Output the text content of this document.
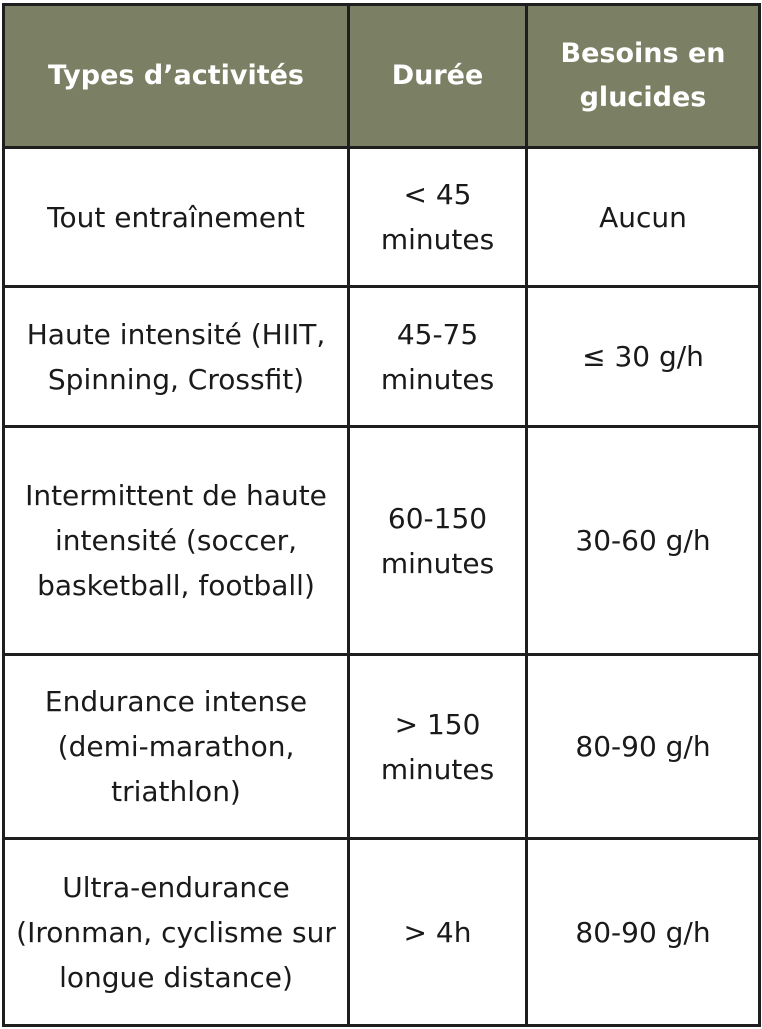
Types d’activités	Durée	Besoins en glucides
Tout entraînement	< 45 minutes	Aucun
Haute intensité (HIIT, Spinning, Crossfit)	45-75 minutes	≤ 30 g/h
Intermittent de haute intensité (soccer, basketball, football)	60-150 minutes	30-60 g/h
Endurance intense (demi-marathon, triathlon)	> 150 minutes	80-90 g/h
Ultra-endurance (Ironman, cyclisme sur longue distance)	> 4h	80-90 g/h
